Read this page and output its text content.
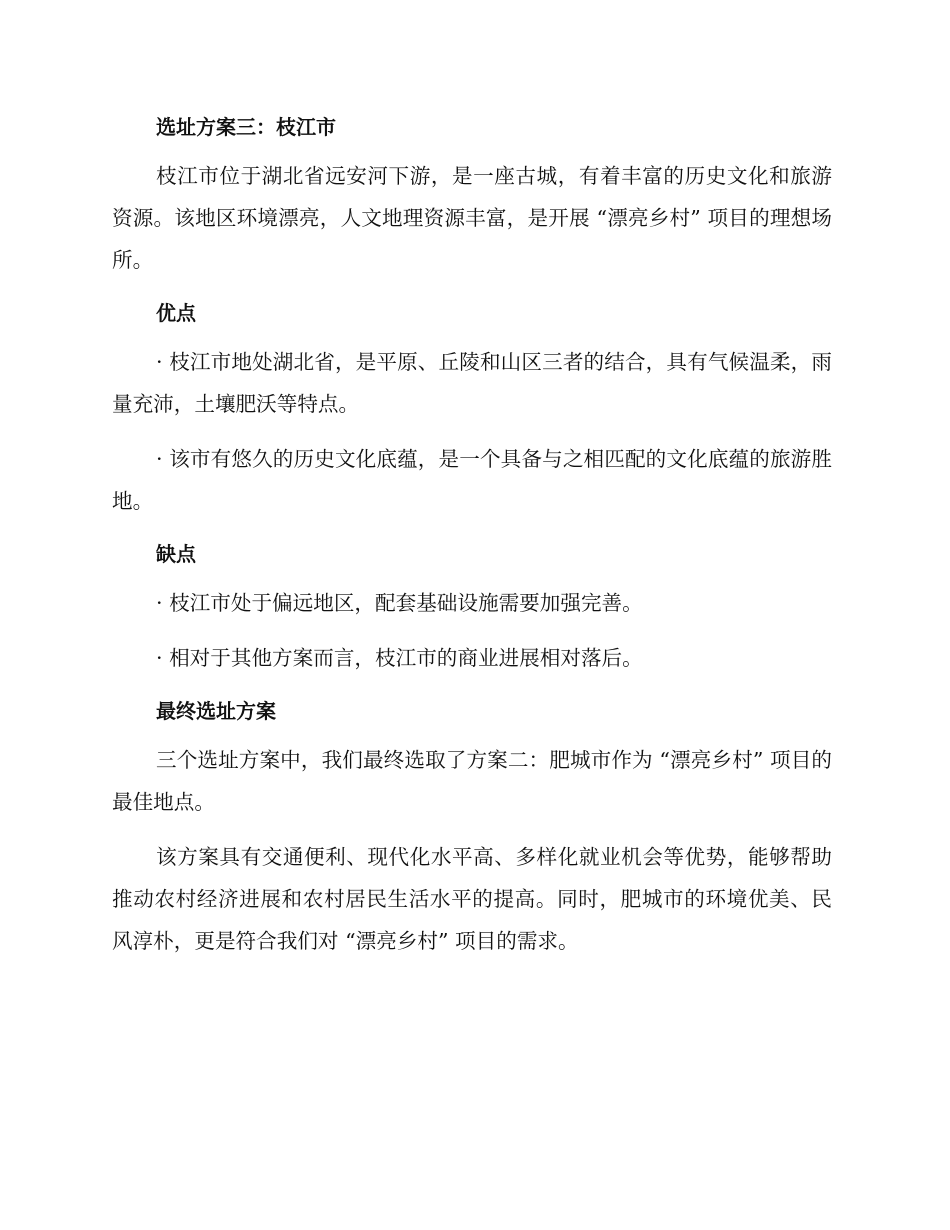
选址方案三：枝江市

枝江市位于湖北省远安河下游，是一座古城，有着丰富的历史文化和旅游资源。该地区环境漂亮，人文地理资源丰富，是开展 “漂亮乡村” 项目的理想场所。

优点

· 枝江市地处湖北省，是平原、丘陵和山区三者的结合，具有气候温柔，雨量充沛，土壤肥沃等特点。

· 该市有悠久的历史文化底蕴，是一个具备与之相匹配的文化底蕴的旅游胜地。

缺点

· 枝江市处于偏远地区，配套基础设施需要加强完善。

· 相对于其他方案而言，枝江市的商业进展相对落后。

最终选址方案

三个选址方案中，我们最终选取了方案二：肥城市作为 “漂亮乡村” 项目的最佳地点。

该方案具有交通便利、现代化水平高、多样化就业机会等优势，能够帮助推动农村经济进展和农村居民生活水平的提高。同时，肥城市的环境优美、民风淳朴，更是符合我们对 “漂亮乡村” 项目的需求。
